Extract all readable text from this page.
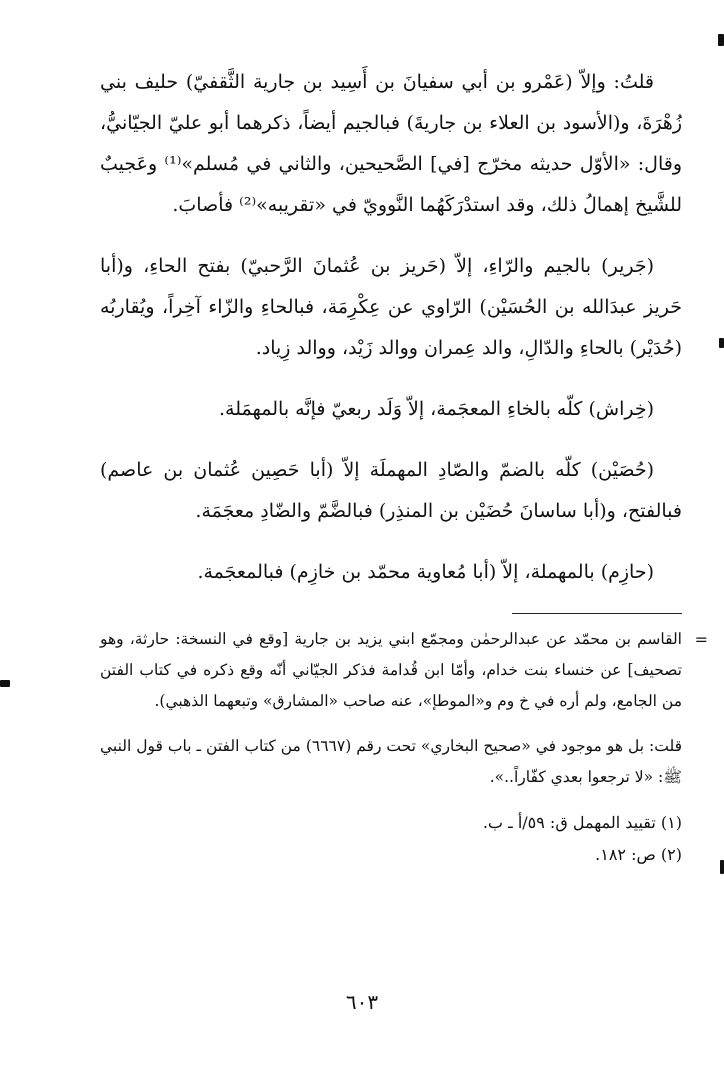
قلتُ: وإلاّ (عَمْرو بن أبي سفيانَ بن أَسِيد بن جارية الثَّقفيّ) حليف بني زُهْرَةَ، و(الأسود بن العلاء بن جاريةَ) فبالجيم أيضاً، ذكرهما أبو عليّ الجيّانيُّ، وقال: «الأوّل حديثه مخرّج [في] الصَّحيحين، والثاني في مُسلم»⁽¹⁾ وعَجيبٌ للشَّيخ إهمالُ ذلك، وقد استدْرَكَهُما النَّوويّ في «تقريبه»⁽²⁾ فأصابَ.

(جَرير) بالجيم والرّاءِ، إلاّ (حَريز بن عُثمانَ الرَّحبيّ) بفتح الحاءِ، و(أبا حَريز عبدَالله بن الحُسَيْن) الرّاوي عن عِكْرِمَة، فبالحاءِ والزّاء آخِراً، ويُقاربُه (حُدَيْر) بالحاءِ والدّالِ، والد عِمران ووالد زَيْد، ووالد زِياد.

(خِراش) كلّه بالخاءِ المعجَمة، إلاّ وَلَد ربعيّ فإنَّه بالمهمَلة.

(حُصَيْن) كلّه بالضمّ والصّادِ المهملَة إلاّ (أبا حَصِين عُثمان بن عاصم) فبالفتح، و(أبا ساسانَ حُضَيْن بن المنذِر) فبالضَّمّ والضّادِ معجَمَة.

(حازِم) بالمهملة، إلاّ (أبا مُعاوية محمّد بن خازِم) فبالمعجَمة.

=
القاسم بن محمّد عن عبدالرحمٰن ومجمّع ابني يزيد بن جارية [وقع في النسخة: حارثة، وهو تصحيف] عن خنساء بنت خدام، وأمّا ابن قُدامة فذكر الجيّاني أنّه وقع ذكره في كتاب الفتن من الجامع، ولم أره في خ وم و«الموطإ»، عنه صاحب «المشارق» وتبعهما الذهبي).

قلت: بل هو موجود في «صحيح البخاري» تحت رقم (٦٦٦٧) من كتاب الفتن ـ باب قول النبي ﷺ: «لا ترجعوا بعدي كفّاراً..».

(١) تقييد المهمل ق: ٥٩/أ ـ ب.

(٢) ص: ١٨٢.

٦٠٣
